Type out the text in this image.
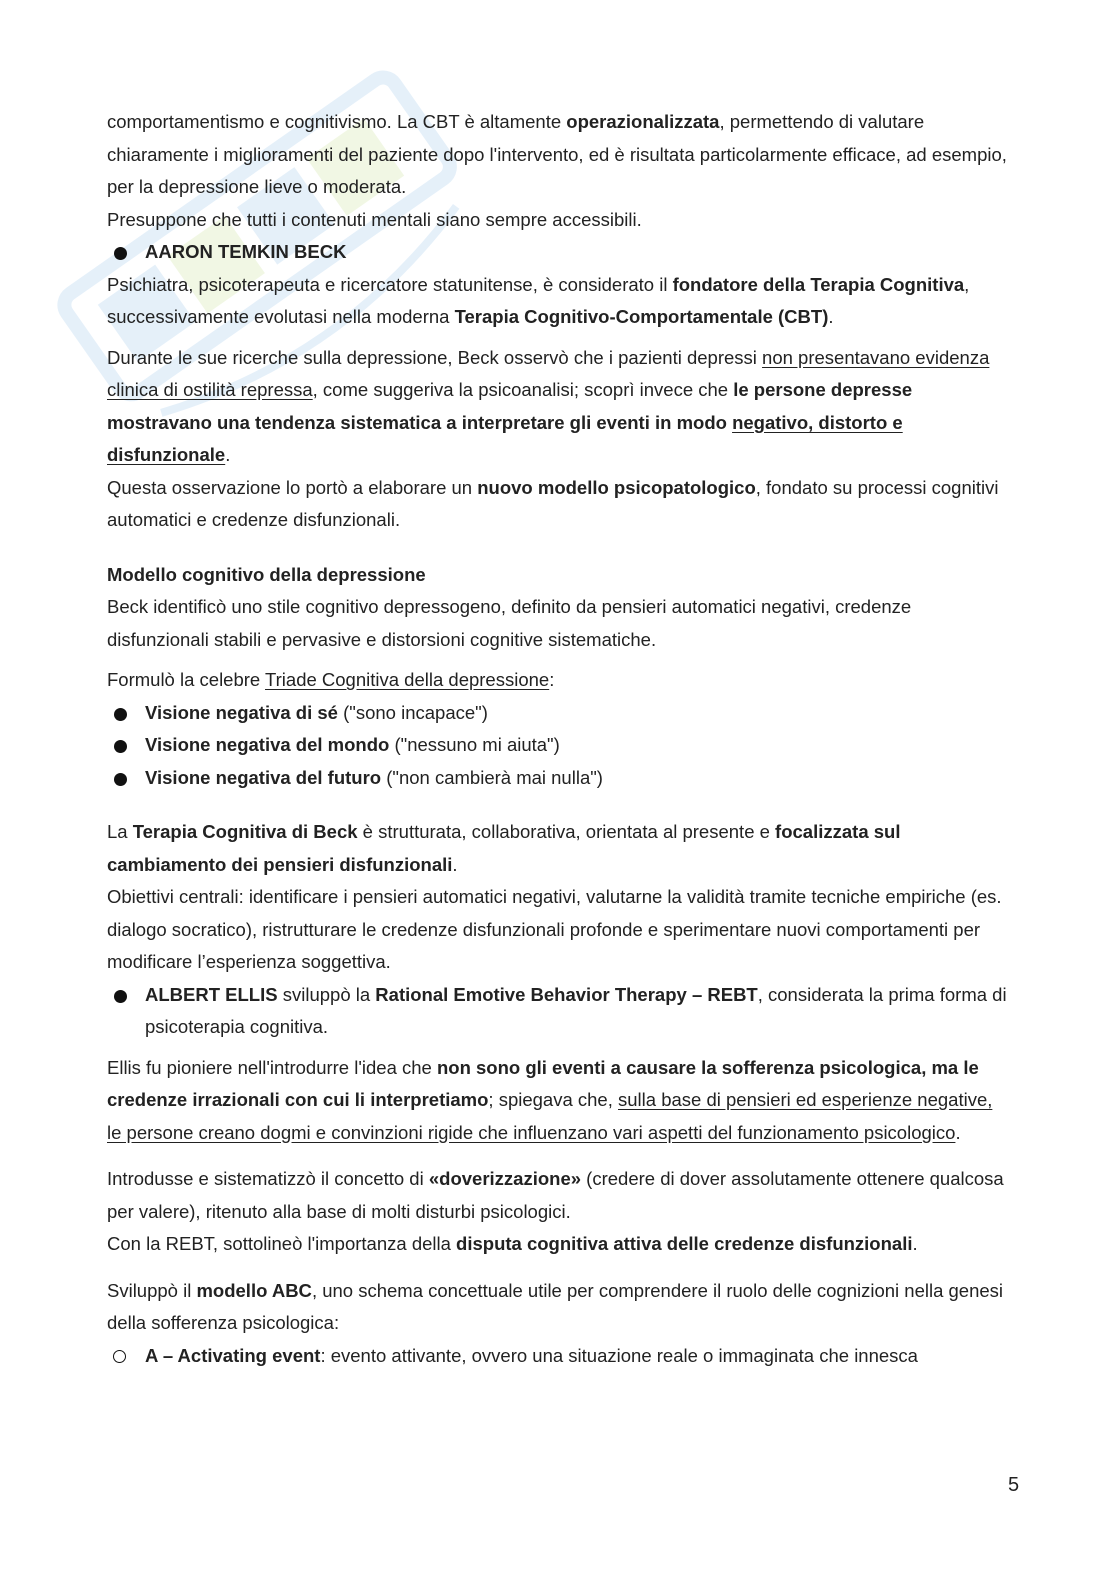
comportamentismo e cognitivismo. La CBT è altamente operazionalizzata, permettendo di valutare chiaramente i miglioramenti del paziente dopo l'intervento, ed è risultata particolarmente efficace, ad esempio, per la depressione lieve o moderata.

Presuppone che tutti i contenuti mentali siano sempre accessibili.

AARON TEMKIN BECK

Psichiatra, psicoterapeuta e ricercatore statunitense, è considerato il fondatore della Terapia Cognitiva, successivamente evolutasi nella moderna Terapia Cognitivo-Comportamentale (CBT).

Durante le sue ricerche sulla depressione, Beck osservò che i pazienti depressi non presentavano evidenza clinica di ostilità repressa, come suggeriva la psicoanalisi; scoprì invece che le persone depresse mostravano una tendenza sistematica a interpretare gli eventi in modo negativo, distorto e disfunzionale.

Questa osservazione lo portò a elaborare un nuovo modello psicopatologico, fondato su processi cognitivi automatici e credenze disfunzionali.

Modello cognitivo della depressione

Beck identificò uno stile cognitivo depressogeno, definito da pensieri automatici negativi, credenze disfunzionali stabili e pervasive e distorsioni cognitive sistematiche.

Formulò la celebre Triade Cognitiva della depressione:

Visione negativa di sé ("sono incapace")
Visione negativa del mondo ("nessuno mi aiuta")
Visione negativa del futuro ("non cambierà mai nulla")

La Terapia Cognitiva di Beck è strutturata, collaborativa, orientata al presente e focalizzata sul cambiamento dei pensieri disfunzionali.

Obiettivi centrali: identificare i pensieri automatici negativi, valutarne la validità tramite tecniche empiriche (es. dialogo socratico), ristrutturare le credenze disfunzionali profonde e sperimentare nuovi comportamenti per modificare l’esperienza soggettiva.

ALBERT ELLIS sviluppò la Rational Emotive Behavior Therapy – REBT, considerata la prima forma di psicoterapia cognitiva.

Ellis fu pioniere nell'introdurre l'idea che non sono gli eventi a causare la sofferenza psicologica, ma le credenze irrazionali con cui li interpretiamo; spiegava che, sulla base di pensieri ed esperienze negative, le persone creano dogmi e convinzioni rigide che influenzano vari aspetti del funzionamento psicologico.

Introdusse e sistematizzò il concetto di «doverizzazione» (credere di dover assolutamente ottenere qualcosa per valere), ritenuto alla base di molti disturbi psicologici.

Con la REBT, sottolineò l'importanza della disputa cognitiva attiva delle credenze disfunzionali.

Sviluppò il modello ABC, uno schema concettuale utile per comprendere il ruolo delle cognizioni nella genesi della sofferenza psicologica:

A – Activating event: evento attivante, ovvero una situazione reale o immaginata che innesca
5
